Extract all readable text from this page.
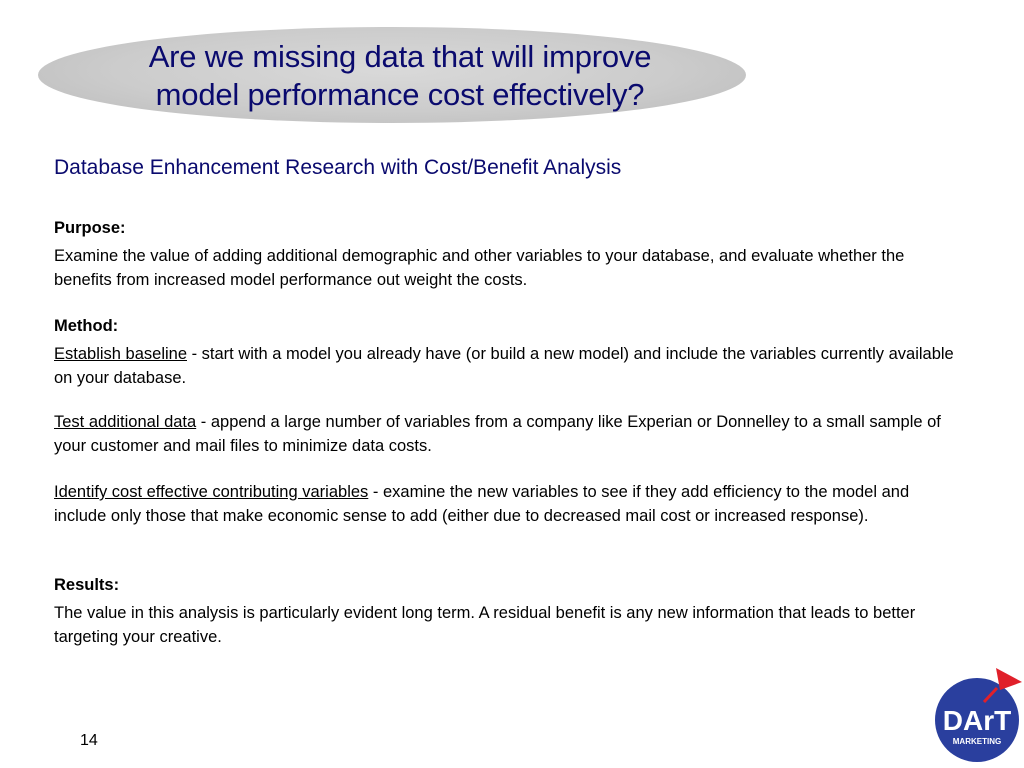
Are we missing data that will improve
model performance cost effectively?
Database Enhancement Research with Cost/Benefit Analysis
Purpose:

Examine the value of adding additional demographic and other variables to your database, and evaluate whether the benefits from increased model performance out weight the costs.

Method:

Establish baseline - start with a model you already have (or build a new model) and include the variables currently available on your database.

Test additional data - append a large number of variables from a company like Experian or Donnelley to a small sample of your customer and mail files to minimize data costs.

Identify cost effective contributing variables - examine the new variables to see if they add efficiency to the model and include only those that make economic sense to add (either due to decreased mail cost or increased response).

Results:

The value in this analysis is particularly evident long term. A residual benefit is any new information that leads to better targeting your creative.

14
DArT
MARKETING
